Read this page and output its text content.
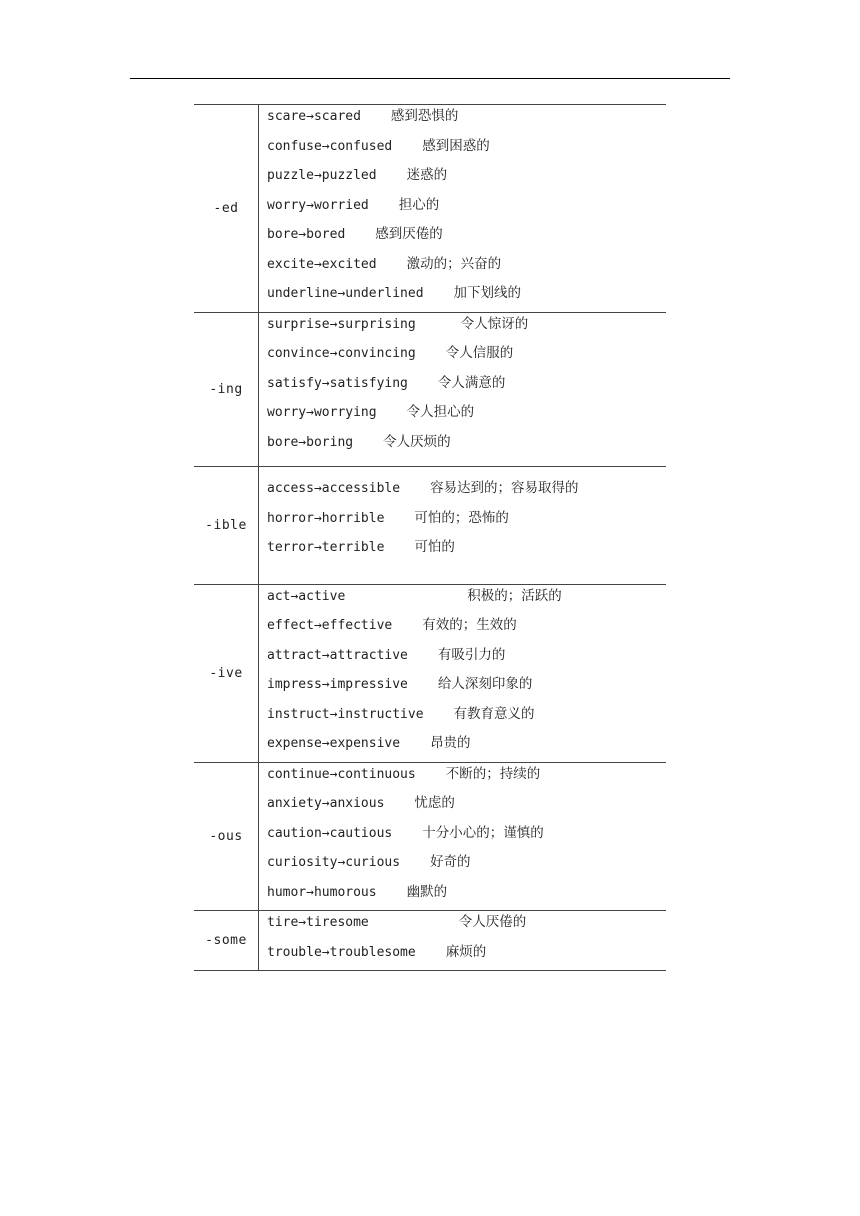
-ed
scare→scared 感到恐惧的
confuse→confused 感到困惑的
puzzle→puzzled 迷惑的
worry→worried 担心的
bore→bored 感到厌倦的
excite→excited 激动的；兴奋的
underline→underlined 加下划线的
-ing
surprise→surprising	令人惊讶的
convince→convincing 令人信服的
satisfy→satisfying 令人满意的
worry→worrying 令人担心的
bore→boring 令人厌烦的
-ible
access→accessible 容易达到的；容易取得的
horror→horrible 可怕的；恐怖的
terror→terrible 可怕的
-ive
act→active	积极的；活跃的
effect→effective 有效的；生效的
attract→attractive 有吸引力的
impress→impressive 给人深刻印象的
instruct→instructive 有教育意义的
expense→expensive 昂贵的
-ous
continue→continuous 不断的；持续的
anxiety→anxious 忧虑的
caution→cautious 十分小心的；谨慎的
curiosity→curious 好奇的
humor→humorous 幽默的
-some
tire→tiresome	令人厌倦的
trouble→troublesome 麻烦的
